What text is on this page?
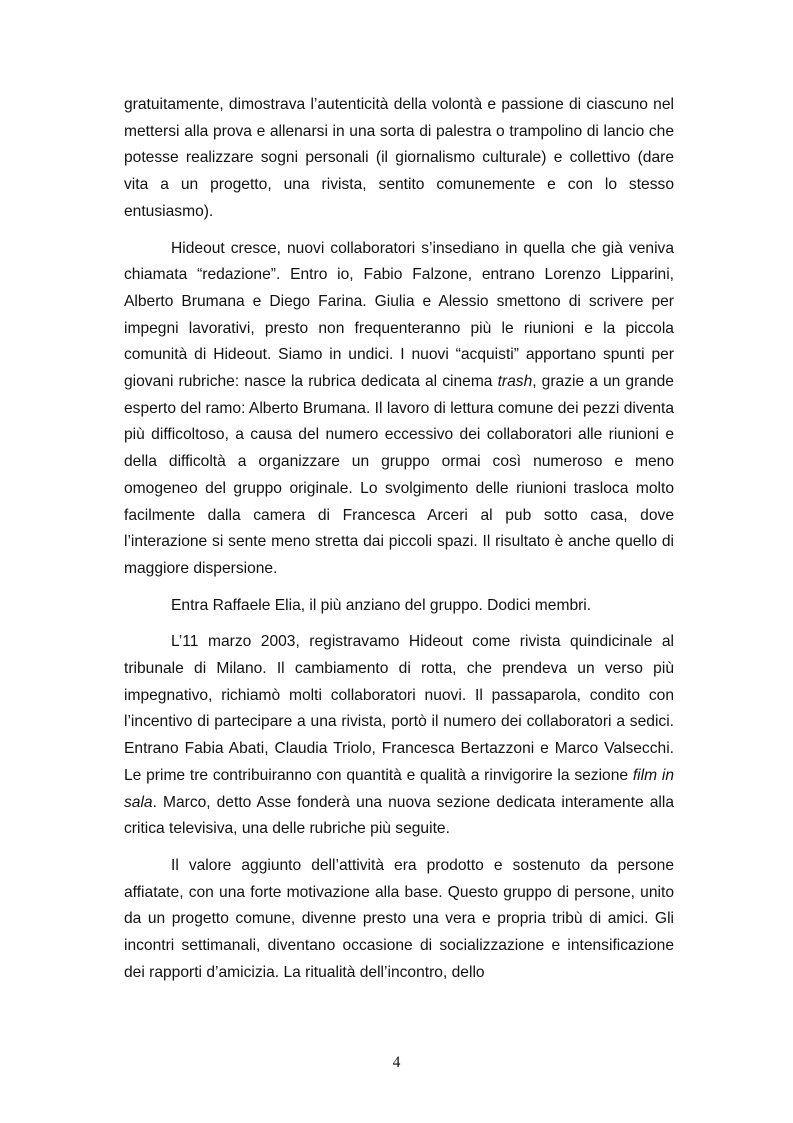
gratuitamente, dimostrava l’autenticità della volontà e passione di ciascuno nel mettersi alla prova e allenarsi in una sorta di palestra o trampolino di lancio che potesse realizzare sogni personali (il giornalismo culturale) e collettivo (dare vita a un progetto, una rivista, sentito comunemente e con lo stesso entusiasmo).

Hideout cresce, nuovi collaboratori s’insediano in quella che già veniva chiamata “redazione”. Entro io, Fabio Falzone, entrano Lorenzo Lipparini, Alberto Brumana e Diego Farina. Giulia e Alessio smettono di scrivere per impegni lavorativi, presto non frequenteranno più le riunioni e la piccola comunità di Hideout. Siamo in undici. I nuovi “acquisti” apportano spunti per giovani rubriche: nasce la rubrica dedicata al cinema trash, grazie a un grande esperto del ramo: Alberto Brumana. Il lavoro di lettura comune dei pezzi diventa più difficoltoso, a causa del numero eccessivo dei collaboratori alle riunioni e della difficoltà a organizzare un gruppo ormai così numeroso e meno omogeneo del gruppo originale. Lo svolgimento delle riunioni trasloca molto facilmente dalla camera di Francesca Arceri al pub sotto casa, dove l’interazione si sente meno stretta dai piccoli spazi. Il risultato è anche quello di maggiore dispersione.

Entra Raffaele Elia, il più anziano del gruppo. Dodici membri.

L’11 marzo 2003, registravamo Hideout come rivista quindicinale al tribunale di Milano. Il cambiamento di rotta, che prendeva un verso più impegnativo, richiamò molti collaboratori nuovi. Il passaparola, condito con l’incentivo di partecipare a una rivista, portò il numero dei collaboratori a sedici. Entrano Fabia Abati, Claudia Triolo, Francesca Bertazzoni e Marco Valsecchi. Le prime tre contribuiranno con quantità e qualità a rinvigorire la sezione film in sala. Marco, detto Asse fonderà una nuova sezione dedicata interamente alla critica televisiva, una delle rubriche più seguite.

Il valore aggiunto dell’attività era prodotto e sostenuto da persone affiatate, con una forte motivazione alla base. Questo gruppo di persone, unito da un progetto comune, divenne presto una vera e propria tribù di amici. Gli incontri settimanali, diventano occasione di socializzazione e intensificazione dei rapporti d’amicizia. La ritualità dell’incontro, dello

4
